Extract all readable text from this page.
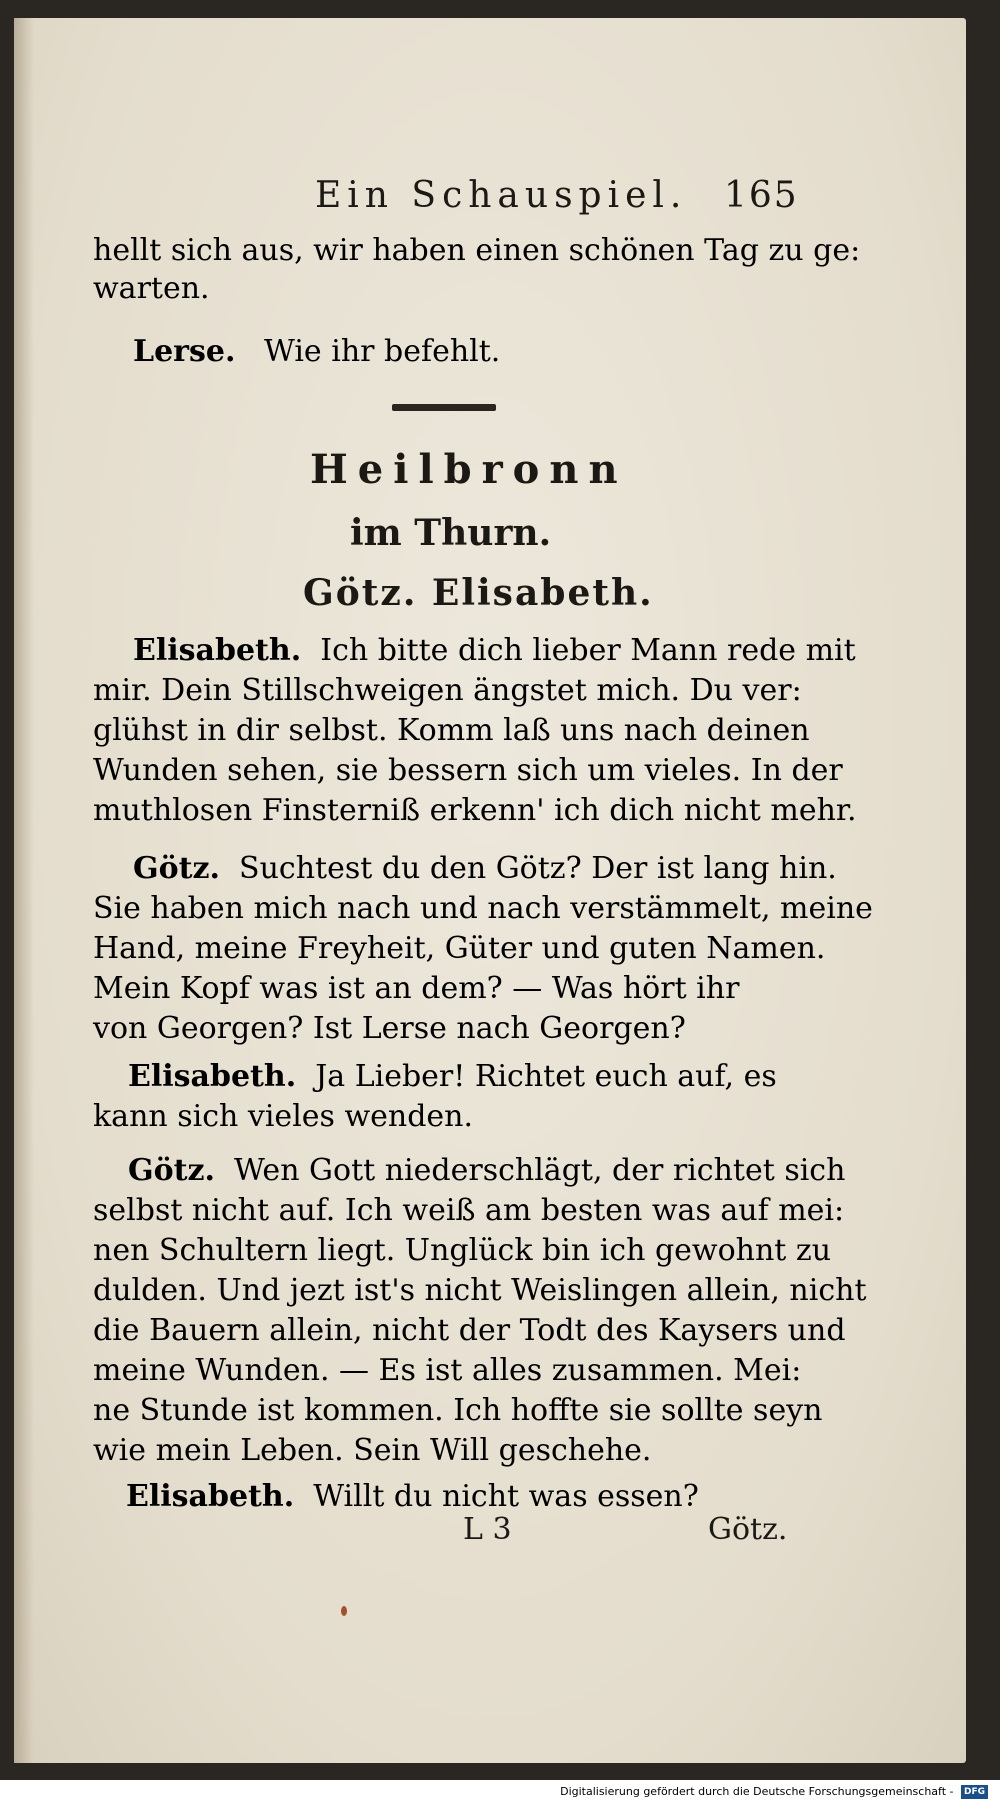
Ein Schauspiel. 165
hellt sich aus, wir haben einen schönen Tag zu ge:
warten.
Lerse. Wie ihr befehlt.
Heilbronn
im Thurn.
Götz. Elisabeth.
Elisabeth. Ich bitte dich lieber Mann rede mit
mir. Dein Stillschweigen ängstet mich. Du ver:
glühst in dir selbst. Komm laß uns nach deinen
Wunden sehen, sie bessern sich um vieles. In der
muthlosen Finsterniß erkenn' ich dich nicht mehr.
Götz. Suchtest du den Götz? Der ist lang hin.
Sie haben mich nach und nach verstämmelt, meine
Hand, meine Freyheit, Güter und guten Namen.
Mein Kopf was ist an dem? — Was hört ihr
von Georgen? Ist Lerse nach Georgen?
Elisabeth. Ja Lieber! Richtet euch auf, es
kann sich vieles wenden.
Götz. Wen Gott niederschlägt, der richtet sich
selbst nicht auf. Ich weiß am besten was auf mei:
nen Schultern liegt. Unglück bin ich gewohnt zu
dulden. Und jezt ist's nicht Weislingen allein, nicht
die Bauern allein, nicht der Todt des Kaysers und
meine Wunden. — Es ist alles zusammen. Mei:
ne Stunde ist kommen. Ich hoffte sie sollte seyn
wie mein Leben. Sein Will geschehe.
Elisabeth. Willt du nicht was essen?
L 3	Götz.
Digitalisierung gefördert durch die Deutsche Forschungsgemeinschaft - DFG
